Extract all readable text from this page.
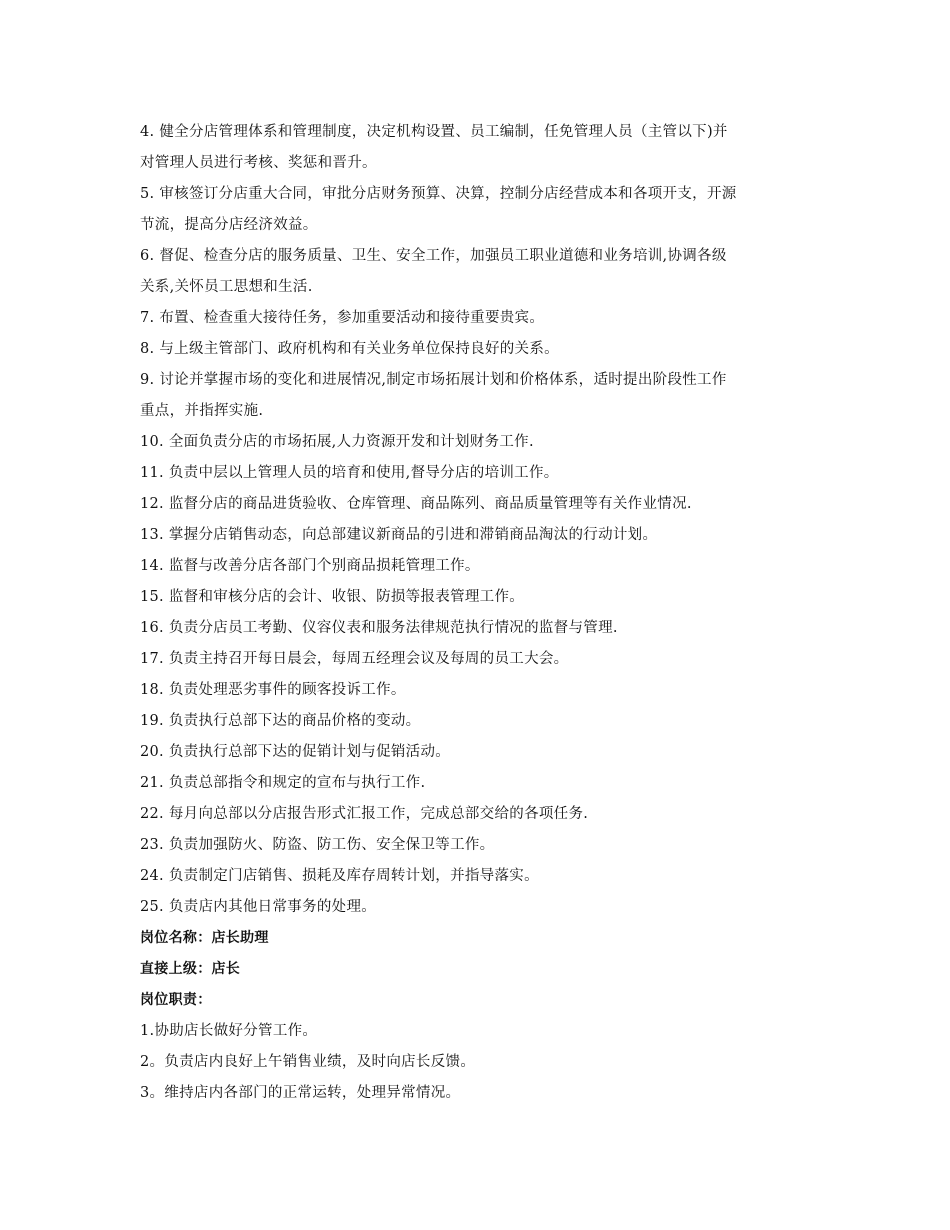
4. 健全分店管理体系和管理制度，决定机构设置、员工编制，任免管理人员（主管以下)并
对管理人员进行考核、奖惩和晋升。
5. 审核签订分店重大合同，审批分店财务预算、决算，控制分店经营成本和各项开支，开源
节流，提高分店经济效益。
6. 督促、检查分店的服务质量、卫生、安全工作，加强员工职业道德和业务培训,协调各级
关系,关怀员工思想和生活.
7. 布置、检查重大接待任务，参加重要活动和接待重要贵宾。
8. 与上级主管部门、政府机构和有关业务单位保持良好的关系。
9. 讨论并掌握市场的变化和进展情况,制定市场拓展计划和价格体系，适时提出阶段性工作
重点，并指挥实施.
10. 全面负责分店的市场拓展,人力资源开发和计划财务工作.
11. 负责中层以上管理人员的培育和使用,督导分店的培训工作。
12. 监督分店的商品进货验收、仓库管理、商品陈列、商品质量管理等有关作业情况.
13. 掌握分店销售动态，向总部建议新商品的引进和滞销商品淘汰的行动计划。
14. 监督与改善分店各部门个别商品损耗管理工作。
15. 监督和审核分店的会计、收银、防损等报表管理工作。
16. 负责分店员工考勤、仪容仪表和服务法律规范执行情况的监督与管理.
17. 负责主持召开每日晨会，每周五经理会议及每周的员工大会。
18. 负责处理恶劣事件的顾客投诉工作。
19. 负责执行总部下达的商品价格的变动。
20. 负责执行总部下达的促销计划与促销活动。
21. 负责总部指令和规定的宣布与执行工作.
22. 每月向总部以分店报告形式汇报工作，完成总部交给的各项任务.
23. 负责加强防火、防盗、防工伤、安全保卫等工作。
24. 负责制定门店销售、损耗及库存周转计划，并指导落实。
25. 负责店内其他日常事务的处理。
岗位名称：店长助理
直接上级：店长
岗位职责：
1.协助店长做好分管工作。
2。负责店内良好上午销售业绩，及时向店长反馈。
3。维持店内各部门的正常运转，处理异常情况。
